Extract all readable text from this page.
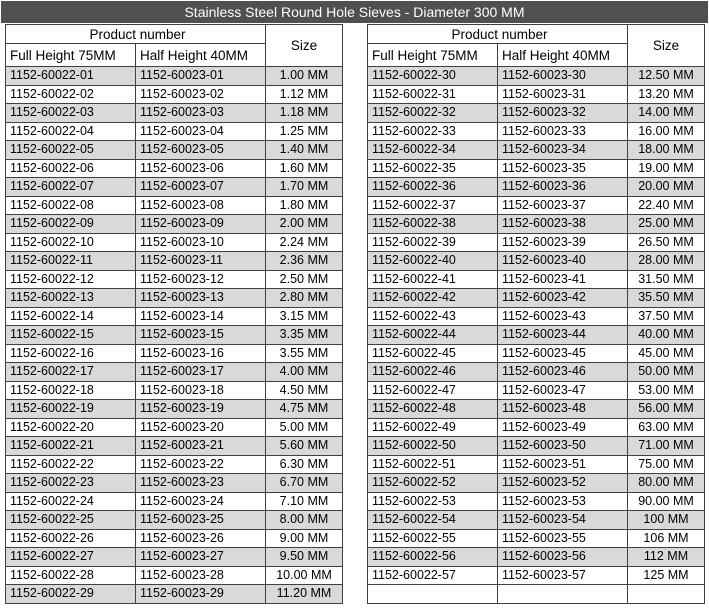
Stainless Steel Round Hole Sieves - Diameter 300 MM
Product number		Size
Full Height 75MM	Half Height 40MM	
1152-60022-01	1152-60023-01	1.00 MM
1152-60022-02	1152-60023-02	1.12 MM
1152-60022-03	1152-60023-03	1.18 MM
1152-60022-04	1152-60023-04	1.25 MM
1152-60022-05	1152-60023-05	1.40 MM
1152-60022-06	1152-60023-06	1.60 MM
1152-60022-07	1152-60023-07	1.70 MM
1152-60022-08	1152-60023-08	1.80 MM
1152-60022-09	1152-60023-09	2.00 MM
1152-60022-10	1152-60023-10	2.24 MM
1152-60022-11	1152-60023-11	2.36 MM
1152-60022-12	1152-60023-12	2.50 MM
1152-60022-13	1152-60023-13	2.80 MM
1152-60022-14	1152-60023-14	3.15 MM
1152-60022-15	1152-60023-15	3.35 MM
1152-60022-16	1152-60023-16	3.55 MM
1152-60022-17	1152-60023-17	4.00 MM
1152-60022-18	1152-60023-18	4.50 MM
1152-60022-19	1152-60023-19	4.75 MM
1152-60022-20	1152-60023-20	5.00 MM
1152-60022-21	1152-60023-21	5.60 MM
1152-60022-22	1152-60023-22	6.30 MM
1152-60022-23	1152-60023-23	6.70 MM
1152-60022-24	1152-60023-24	7.10 MM
1152-60022-25	1152-60023-25	8.00 MM
1152-60022-26	1152-60023-26	9.00 MM
1152-60022-27	1152-60023-27	9.50 MM
1152-60022-28	1152-60023-28	10.00 MM
1152-60022-29	1152-60023-29	11.20 MM
Product number		Size
Full Height 75MM	Half Height 40MM	
1152-60022-30	1152-60023-30	12.50 MM
1152-60022-31	1152-60023-31	13.20 MM
1152-60022-32	1152-60023-32	14.00 MM
1152-60022-33	1152-60023-33	16.00 MM
1152-60022-34	1152-60023-34	18.00 MM
1152-60022-35	1152-60023-35	19.00 MM
1152-60022-36	1152-60023-36	20.00 MM
1152-60022-37	1152-60023-37	22.40 MM
1152-60022-38	1152-60023-38	25.00 MM
1152-60022-39	1152-60023-39	26.50 MM
1152-60022-40	1152-60023-40	28.00 MM
1152-60022-41	1152-60023-41	31.50 MM
1152-60022-42	1152-60023-42	35.50 MM
1152-60022-43	1152-60023-43	37.50 MM
1152-60022-44	1152-60023-44	40.00 MM
1152-60022-45	1152-60023-45	45.00 MM
1152-60022-46	1152-60023-46	50.00 MM
1152-60022-47	1152-60023-47	53.00 MM
1152-60022-48	1152-60023-48	56.00 MM
1152-60022-49	1152-60023-49	63.00 MM
1152-60022-50	1152-60023-50	71.00 MM
1152-60022-51	1152-60023-51	75.00 MM
1152-60022-52	1152-60023-52	80.00 MM
1152-60022-53	1152-60023-53	90.00 MM
1152-60022-54	1152-60023-54	100 MM
1152-60022-55	1152-60023-55	106 MM
1152-60022-56	1152-60023-56	112 MM
1152-60022-57	1152-60023-57	125 MM
